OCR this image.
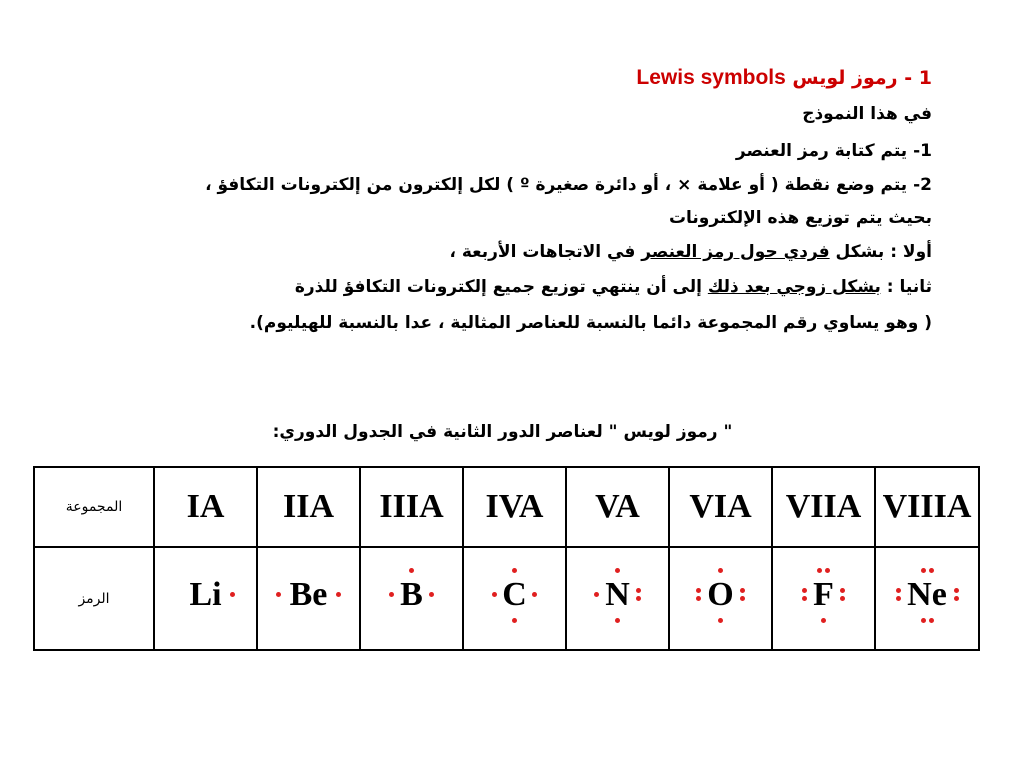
1 - رموز لويس Lewis symbols
في هذا النموذج
1- يتم كتابة رمز العنصر
2- يتم وضع نقطة ( أو علامة × ، أو دائرة صغيرة º ) لكل إلكترون من إلكترونات التكافؤ ،
بحيث يتم توزيع هذه الإلكترونات
أولا : بشكل فردي حول رمز العنصر في الاتجاهات الأربعة ،
ثانيا : بشكل زوجي بعد ذلك إلى أن ينتهي توزيع جميع إلكترونات التكافؤ للذرة
( وهو يساوي رقم المجموعة دائما بالنسبة للعناصر المثالية ، عدا بالنسبة للهيليوم).
" رموز لويس " لعناصر الدور الثانية في الجدول الدوري:
المجموعة	IA	IIA	IIIA	IVA	VA	VIA	VIIA	VIIIA
الرمز	Li	Be	B	C	N	O	F	Ne
